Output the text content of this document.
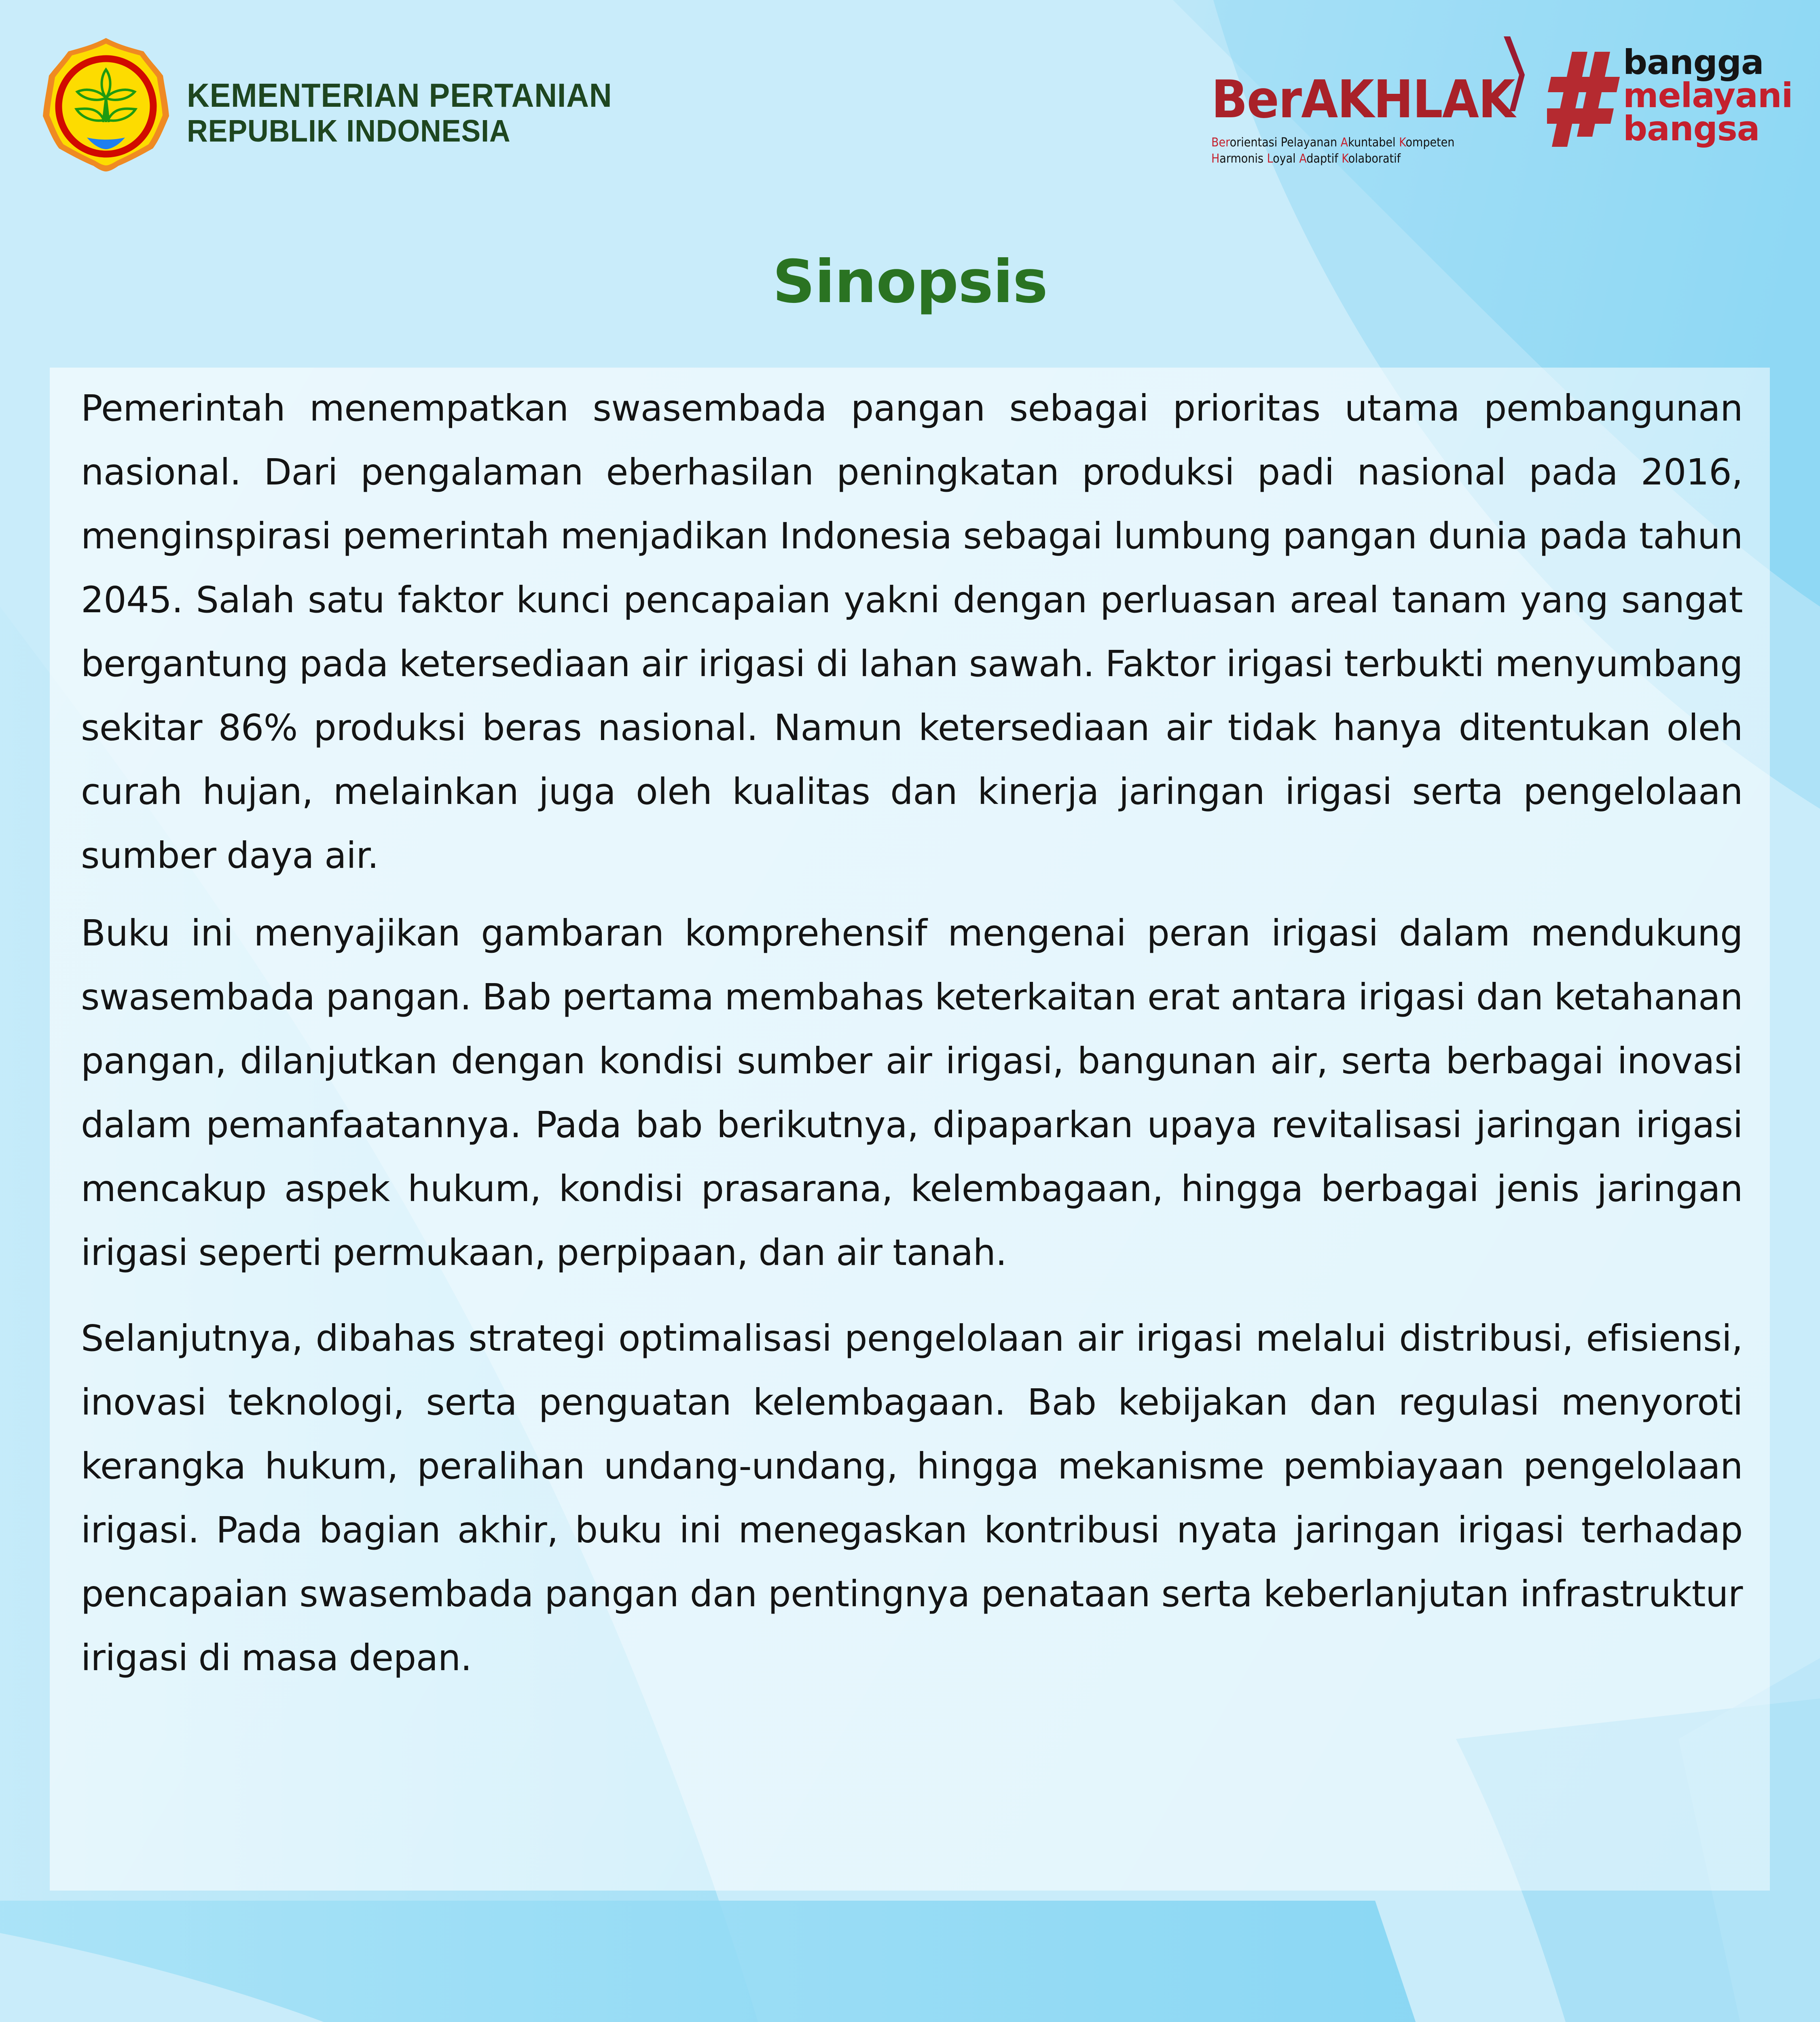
KEMENTERIAN PERTANIAN
REPUBLIK INDONESIA
BerAKHLAK
Berorientasi Pelayanan Akuntabel Kompeten
Harmonis Loyal Adaptif Kolaboratif
bangga
melayani
bangsa
Sinopsis

Pemerintah menempatkan swasembada pangan sebagai prioritas utama pembangunan nasional. Dari pengalaman eberhasilan peningkatan produksi padi nasional pada 2016, menginspirasi pemerintah menjadikan Indonesia sebagai lumbung pangan dunia pada tahun 2045. Salah satu faktor kunci pencapaian yakni dengan perluasan areal tanam yang sangat bergantung pada ketersediaan air irigasi di lahan sawah. Faktor irigasi terbukti menyumbang sekitar 86% produksi beras nasional. Namun ketersediaan air tidak hanya ditentukan oleh curah hujan, melainkan juga oleh kualitas dan kinerja jaringan irigasi serta pengelolaan sumber daya air.

Buku ini menyajikan gambaran komprehensif mengenai peran irigasi dalam mendukung swasembada pangan. Bab pertama membahas keterkaitan erat antara irigasi dan ketahanan pangan, dilanjutkan dengan kondisi sumber air irigasi, bangunan air, serta berbagai inovasi dalam pemanfaatannya. Pada bab berikutnya, dipaparkan upaya revitalisasi jaringan irigasi mencakup aspek hukum, kondisi prasarana, kelembagaan, hingga berbagai jenis jaringan irigasi seperti permukaan, perpipaan, dan air tanah.

Selanjutnya, dibahas strategi optimalisasi pengelolaan air irigasi melalui distribusi, efisiensi, inovasi teknologi, serta penguatan kelembagaan. Bab kebijakan dan regulasi menyoroti kerangka hukum, peralihan undang-undang, hingga mekanisme pembiayaan pengelolaan irigasi. Pada bagian akhir, buku ini menegaskan kontribusi nyata jaringan irigasi terhadap pencapaian swasembada pangan dan pentingnya penataan serta keberlanjutan infrastruktur irigasi di masa depan.
